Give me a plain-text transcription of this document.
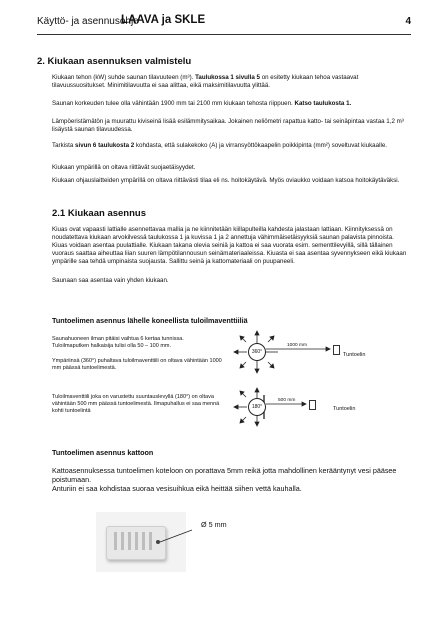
Käyttö- ja asennusohje
LAAVA ja SKLE	4
2. Kiukaan asennuksen valmistelu
Kiukaan tehon (kW) suhde saunan tilavuuteen (m³). Taulukossa 1 sivulla 5 on esitetty kiukaan tehoa vastaavat tilavuussuositukset. Minimitilavuutta ei saa alittaa, eikä maksimitilavuutta ylittää.
Saunan korkeuden tulee olla vähintään 1900 mm tai 2100 mm kiukaan tehosta riippuen. Katso taulukosta 1.
Lämpöeristämätön ja muurattu kivisein​ä lisää esilämmitysaikaa. Jokainen neliömetri rapattua katto- tai seinäpintaa vastaa 1,2 m³ lisäystä saunan tilavuudessa.
Tarkista sivun 6 taulukosta 2 kohdasta, että sulakekoko (A) ja virransyöttökaapelin poikkipinta (mm²) soveltuvat kiukaalle.
Kiukaan ympärillä on oltava riittävät suojaetäisyydet.
Kiukaan ohjauslaitteiden ympärillä on oltava riittävästi tilaa eli ns. hoitokäytävä. Myös oviaukko voidaan katsoa hoitokäytäväksi.
2.1 Kiukaan asennus
Kiuas ovat vapaasti lattialle asennettavaa mallia ja ne kiinnitetään kiillapulteilla kahdesta jalastaan lattiaan. Kiinnityksessä on noudatettava kiukaan arvokilvessä taulukossa 1 ja kuvissa 1 ja 2 annettuja vähimmäisetäisyyksiä saunan palavista pinnoista. Kiuas voidaan asentaa puulattialle. Kiukaan takana olevia seiniä ja kattoa ei saa vuorata esim. sementtilevyillä, sillä tällainen vuoraus saattaa aiheuttaa liian suuren lämpötilannousun seinämateriaaleissa. Kiuasta ei saa asentaa syvennykseen eikä kiukaan ympärille saa tehdä umpinaista suojausta. Sallittu seinä ja kattomateriaali on puupaneeli.
Saunaan saa asentaa vain yhden kiukaan.
Tuntoelimen asennus lähelle koneellista tuloilmaventtiiliä
Saunahuoneen ilman pitäisi vaihtua 6 kertaa tunnissa. Tuloilmaputken halkaisija tulisi olla 50 – 100 mm.
Ympäriinsä (360°) puhaltava tuloilmaventtiili on oltava vähintään 1000 mm päässä tuntoelimestä.
360°
1000 mm
Tuntoelin
Tuloilmaventtiili joka on varustettu suuntauslevyllä (180°) on oltava vähintään 500 mm päässä tuntoelimestä. Ilmapuhallus ei saa mennä kohti tuntoelintä
180°
500 mm
Tuntoelin
Tuntoelimen asennus kattoon
Kattoasennuksessa tuntoelimen koteloon on porattava 5mm reikä jotta mahdollinen kerääntynyt vesi pääsee poistumaan.
Anturiin ei saa kohdistaa suoraa vesisuihkua eikä heittää siihen vettä kauhalla.
Ø 5 mm
